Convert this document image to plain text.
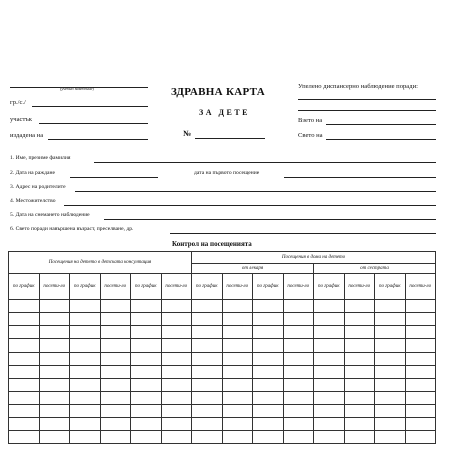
(учебно заведение)
гр./с./
участък
издадена на
ЗДРАВНА КАРТА
ЗА ДЕТЕ
№
Упелено диспансерно наблюдение поради:
Взето на
Свето на
1. Име, презиме фамилия
2. Дата на раждане	дата на първото посещение
3. Адрес на родителите
4. Местожителство
5. Дата на снемането наблюдение
6. Свето поради навършена възраст, преселване, др.
Контрол на посещенията
Посещения на детето в детската консултация						Посещения в дома на детето							
						от лекаря				от сестрата			
по график	посети-ло	по график	посети-ло	по график	посети-ло	по график	посети-ло	по график	посети-ло	по график	посети-ло	по график	посети-ло
